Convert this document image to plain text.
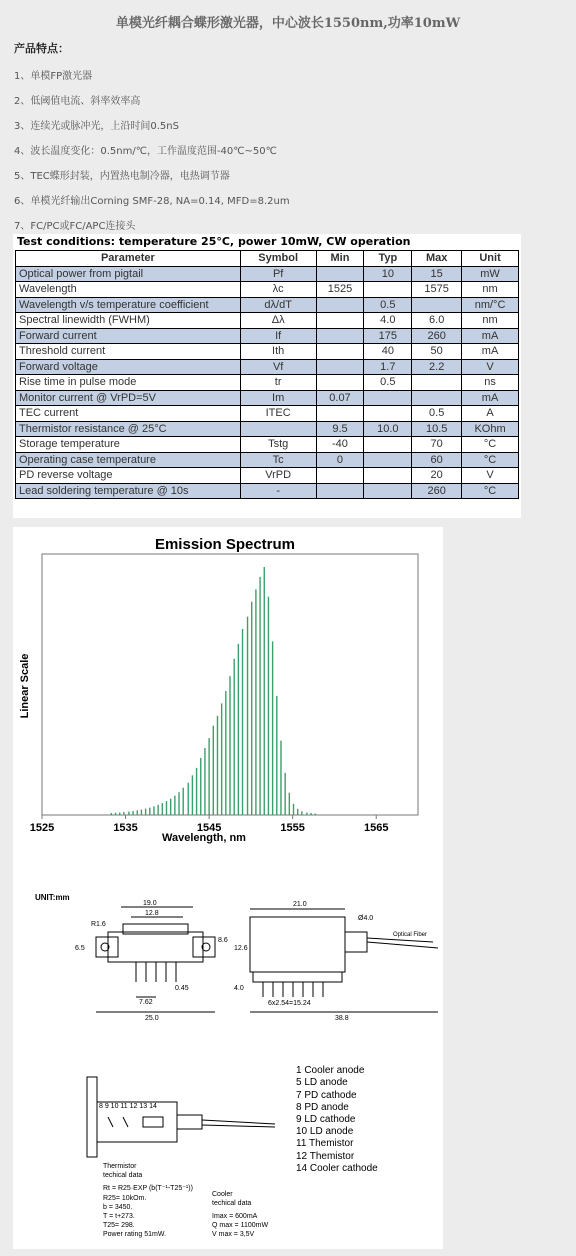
单模光纤耦合蝶形激光器，中心波长1550nm,功率10mW
产品特点：
1、单模FP激光器
2、低阈值电流、斜率效率高
3、连续光或脉冲光，上沿时间0.5nS
4、波长温度变化：0.5nm/℃，工作温度范围-40℃~50℃
5、TEC蝶形封装，内置热电制冷器，电热调节器
6、单模光纤输出Corning SMF-28, NA=0.14, MFD=8.2um
7、FC/PC或FC/APC连接头
Test conditions: temperature 25°C, power 10mW, CW operation
Parameter	Symbol	Min	Typ	Max	Unit
Optical power from pigtail	Pf		10	15	mW
Wavelength	λc	1525		1575	nm
Wavelength v/s temperature coefficient	dλ/dT		0.5		nm/°C
Spectral linewidth (FWHM)	Δλ		4.0	6.0	nm
Forward current	If		175	260	mA
Threshold current	Ith		40	50	mA
Forward voltage	Vf		1.7	2.2	V
Rise time in pulse mode	tr		0.5		ns
Monitor current @ VrPD=5V	Im	0.07			mA
TEC current	ITEC			0.5	A
Thermistor resistance @ 25°C		9.5	10.0	10.5	KOhm
Storage temperature	Tstg	-40		70	°C
Operating case temperature	Tc	0		60	°C
PD reverse voltage	VrPD			20	V
Lead soldering temperature @ 10s	-			260	°C
Emission Spectrum
1525	1535	1545	1555	1565
Wavelength, nm
Linear Scale
UNIT:mm
19.0
12.8
R1.6
6.5
8.6
7.62
0.45
25.0
21.0
Ø4.0
Optical Fiber
12.6
4.0
6x2.54=15.24
38.8
8 9 10 11 12 13 14
1 Cooler anode
5 LD anode
7 PD cathode
8 PD anode
9 LD cathode
10 LD anode
11 Themistor
12 Themistor
14 Cooler cathode
Thermistor
techical data
Rt = R25·EXP (b(T⁻¹-T25⁻¹))
R25= 10kOm.
b = 3450.
T = t+273.
T25= 298.
Power rating 51mW.
Cooler
techical data
Imax = 600mA
Q max = 1100mW
V max = 3,5V
